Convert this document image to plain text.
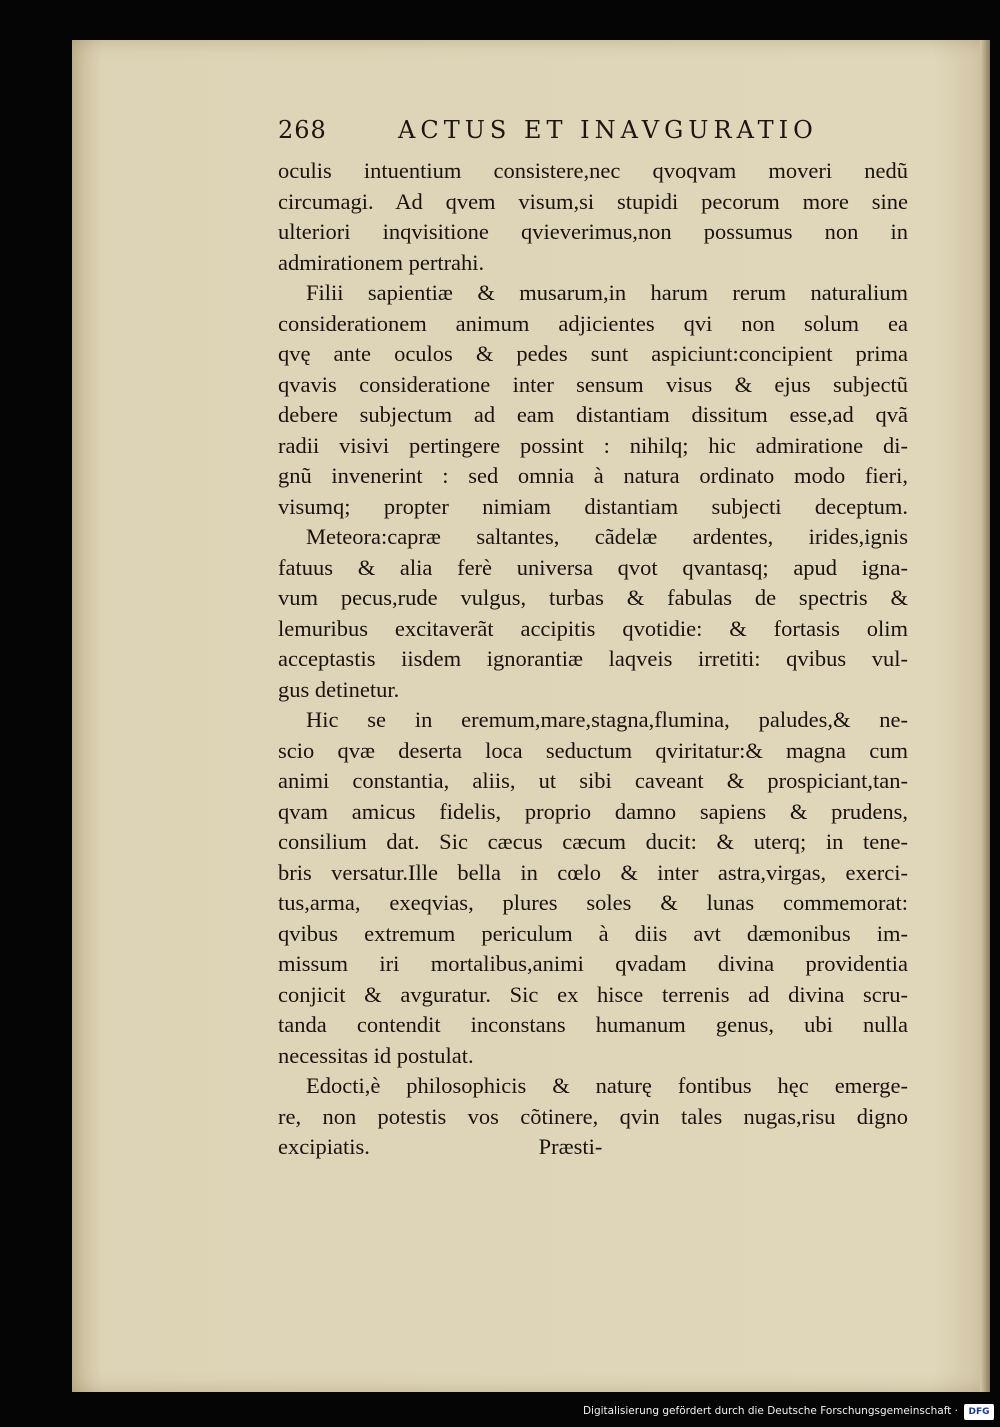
268	ACTUS ET INAVGURATIO
oculis intuentium consistere,nec qvoqvam moveri nedũ
circumagi. Ad qvem visum,si stupidi pecorum more sine
ulteriori inqvisitione qvieverimus,non possumus non in
admirationem pertrahi.
Filii sapientiæ & musarum,in harum rerum naturalium
considerationem animum adjicientes qvi non solum ea
qvę ante oculos & pedes sunt aspiciunt:concipient prima
qvavis consideratione inter sensum visus & ejus subjectũ
debere subjectum ad eam distantiam dissitum esse,ad qvã
radii visivi pertingere possint : nihilq; hic admiratione di-
gnũ invenerint : sed omnia à natura ordinato modo fieri,
visumq; propter nimiam distantiam subjecti deceptum.
Meteora:capræ saltantes, cãdelæ ardentes, irides,ignis
fatuus & alia ferè universa qvot qvantasq; apud igna-
vum pecus,rude vulgus, turbas & fabulas de spectris &
lemuribus excitaverãt accipitis qvotidie: & fortasis olim
acceptastis iisdem ignorantiæ laqveis irretiti: qvibus vul-
gus detinetur.
Hic se in eremum,mare,stagna,flumina, paludes,& ne-
scio qvæ deserta loca seductum qviritatur:& magna cum
animi constantia, aliis, ut sibi caveant & prospiciant,tan-
qvam amicus fidelis, proprio damno sapiens & prudens,
consilium dat. Sic cæcus cæcum ducit: & uterq; in tene-
bris versatur.Ille bella in cœlo & inter astra,virgas, exerci-
tus,arma, exeqvias, plures soles & lunas commemorat:
qvibus extremum periculum à diis avt dæmonibus im-
missum iri mortalibus,animi qvadam divina providentia
conjicit & avguratur. Sic ex hisce terrenis ad divina scru-
tanda contendit inconstans humanum genus, ubi nulla
necessitas id postulat.
Edocti,è philosophicis & naturę fontibus hęc emerge-
re, non potestis vos cõtinere, qvin tales nugas,risu digno
excipiatis.                              Præsti-
Digitalisierung gefördert durch die Deutsche Forschungsgemeinschaft ·	DFG
